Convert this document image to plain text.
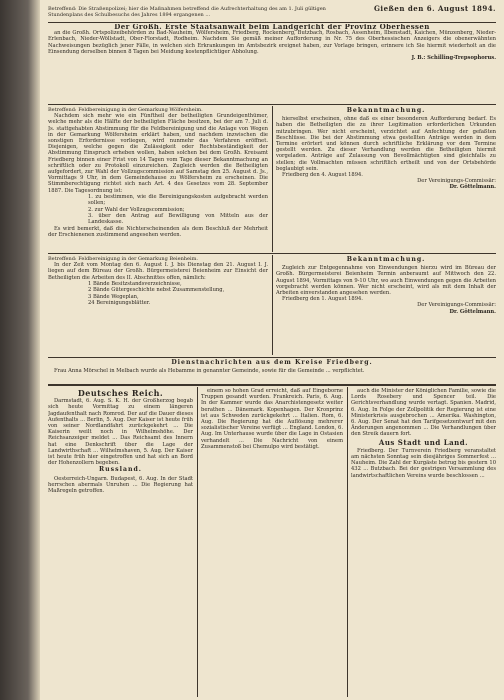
Betreffend: Die Straßenpolizei; hier die Maßnahmen betreffend die Aufrechterhaltung des am 1. Juli gültigen Stundenplans des Schulbesuchs des Jahres 1894 ergangenen ...
Gießen den 6. August 1894.
Der Großh. Erste Staatsanwalt beim Landgericht der Provinz Oberhessen

an die Großh. Ortspolizeibehörden zu Bad-Nauheim, Wölfersheim, Friedberg, Rockenberg, Butzbach, Rosbach, Assenheim, Ilbenstadt, Kaichen, Münzenberg, Nieder-Erlenbach, Nieder-Wöllstadt, Ober-Florstadt, Rodheim. Nachdem Sie gemäß meiner Aufforderung in Nr. 75 des Oberhessischen Anzeigers die obenerwähnten Nachweisungen bezüglich jener Fälle, in welchen sich Erkrankungen im Amtsbezirk ereignet haben, zur Vorlage bringen, erinnere ich Sie hiermit wiederholt an die Einsendung derselben binnen 8 Tagen bei Meidung kostenpflichtiger Abholung.

J. B.: Schilling-Trepsophorus.
Betreffend: Feldbereinigung in der Gemarkung Wölfersheim.

Nachdem sich mehr wie ein Fünftheil der betheiligten Grundeigenthümer, welche mehr als die Hälfte der betheiligten Fläche besitzen, bei der am 7. Juli d. Js. stattgehabten Abstimmung für die Feldbereinigung und die Anlage von Wegen in der Gemarkung Wölfersheim erklärt haben, und nachdem inzwischen die sonstigen Erfordernisse vorliegen, wird nunmehr das Verfahren eröffnet. Diejenigen, welche gegen die Zulässigkeit oder Rechtsbeständigkeit der Abstimmung Einspruch erheben wollen, haben solchen bei dem Großh. Kreisamt Friedberg binnen einer Frist von 14 Tagen vom Tage dieser Bekanntmachung an schriftlich oder zu Protokoll einzureichen. Zugleich werden die Betheiligten aufgefordert, zur Wahl der Vollzugscommission auf Samstag den 25. August d. Js., Vormittags 9 Uhr, in dem Gemeindehause zu Wölfersheim zu erscheinen. Die Stimmberechtigung richtet sich nach Art. 4 des Gesetzes vom 28. September 1887. Die Tagesordnung ist:

1. zu bestimmen, wie die Bereinigungskosten aufgebracht werden sollen;
2. zur Wahl der Vollzugscommission;
3. über den Antrag auf Bewilligung von Mitteln aus der Landeskasse.

Es wird bemerkt, daß die Nichterscheinenden als dem Beschluß der Mehrheit der Erschienenen zustimmend angesehen werden.

Bekanntmachung.

hierselbst erscheinen, ohne daß es einer besonderen Aufforderung bedarf. Es haben die Betheiligten die zu ihrer Legitimation erforderlichen Urkunden mitzubringen. Wer nicht erscheint, verzichtet auf Anfechtung der gefaßten Beschlüsse. Die bei der Abstimmung etwa gestellten Anträge werden in dem Termine erörtert und können durch schriftliche Erklärung vor dem Termine gestellt werden. Zu dieser Verhandlung werden die Betheiligten hiermit vorgeladen. Anträge auf Zulassung von Bevollmächtigten sind gleichfalls zu stellen; die Vollmachten müssen schriftlich ertheilt und von der Ortsbehörde beglaubigt sein.

Friedberg den 4. August 1894.
Der Vereinigungs-Commissär:
Dr. Göttelmann.
Betreffend: Feldbereinigung in der Gemarkung Beienheim.

In der Zeit vom Montag den 6. August I. J. bis Dienstag den 21. August I. J. liegen auf dem Büreau der Großh. Bürgermeisterei Beienheim zur Einsicht der Betheiligten die Arbeiten des II. Abschnittes offen, nämlich:

1 Bände Besitzstandsverzeichnisse,
2 Bände Gütergeschichte nebst Zusammenstellung,
3 Bände Wegeplan,
24 Bereinigungsblätter.
Bekanntmachung.

Zugleich zur Entgegennahme von Einwendungen hierzu wird im Büreau der Großh. Bürgermeisterei Beienheim Termin anberaumt auf Mittwoch den 22. August 1894, Vormittags von 9-10 Uhr, wo auch Einwendungen gegen die Arbeiten vorgebracht werden können. Wer nicht erscheint, wird als mit dem Inhalt der Arbeiten einverstanden angesehen werden.

Friedberg den 1. August 1894.
Der Vereinigungs-Commissär:
Dr. Göttelmann.
Dienstnachrichten aus dem Kreise Friedberg.

Frau Anna Mörschel in Melbach wurde als Hebamme in genannter Gemeinde, sowie für die Gemeinde ... verpflichtet.

Deutsches Reich.

Darmstadt, 6. Aug. S. K. H. der Großherzog begab sich heute Vormittag zu einem längeren Jagdaufenthalt nach Romrod. Der auf die Dauer dieses Aufenthalts ... Berlin, 5. Aug. Der Kaiser ist heute früh von seiner Nordlandfahrt zurückgekehrt ... Die Kaiserin weilt noch in Wilhelmshöhe. Der Reichsanzeiger meldet ... Das Reichsamt des Innern hat eine Denkschrift über die Lage der Landwirthschaft ... Wilhelmshaven, 5. Aug. Der Kaiser ist heute früh hier eingetroffen und hat sich an Bord der Hohenzollern begeben.

Russland.

Oesterreich-Ungarn. Budapest, 6. Aug. In der Stadt herrschen abermals Unruhen ... Die Regierung hat Maßregeln getroffen.

einem so hohen Grad erreicht, daß auf Eingeborne Truppen gesandt wurden. Frankreich. Paris, 6. Aug. In der Kammer wurde das Anarchistengesetz weiter berathen ... Dänemark. Kopenhagen. Der Kronprinz ist aus Schweden zurückgekehrt ... Italien. Rom, 6. Aug. Die Regierung hat die Auflösung mehrerer sozialistischer Vereine verfügt ... England. London, 6. Aug. Im Unterhause wurde über die Lage in Ostasien verhandelt ... Die Nachricht von einem Zusammenstoß bei Chemulpo wird bestätigt.

auch die Minister der Königlichen Familie, sowie die Lords Rosebery und Spencer teil. Die Gerichtsverhandlung wurde vertagt. Spanien. Madrid, 6. Aug. In Folge der Zollpolitik der Regierung ist eine Ministerkrisis ausgebrochen ... Amerika. Washington, 6. Aug. Der Senat hat den Tarifgesetzentwurf mit den Änderungen angenommen ... Die Verhandlungen über den Streik dauern fort.

Aus Stadt und Land.

Friedberg. Der Turnverein Friedberg veranstaltet am nächsten Sonntag sein diesjähriges Sommerfest ... Nauheim. Die Zahl der Kurgäste betrug bis gestern 10 432 ... Butzbach. Bei der gestrigen Versammlung des landwirtschaftlichen Vereins wurde beschlossen ...
